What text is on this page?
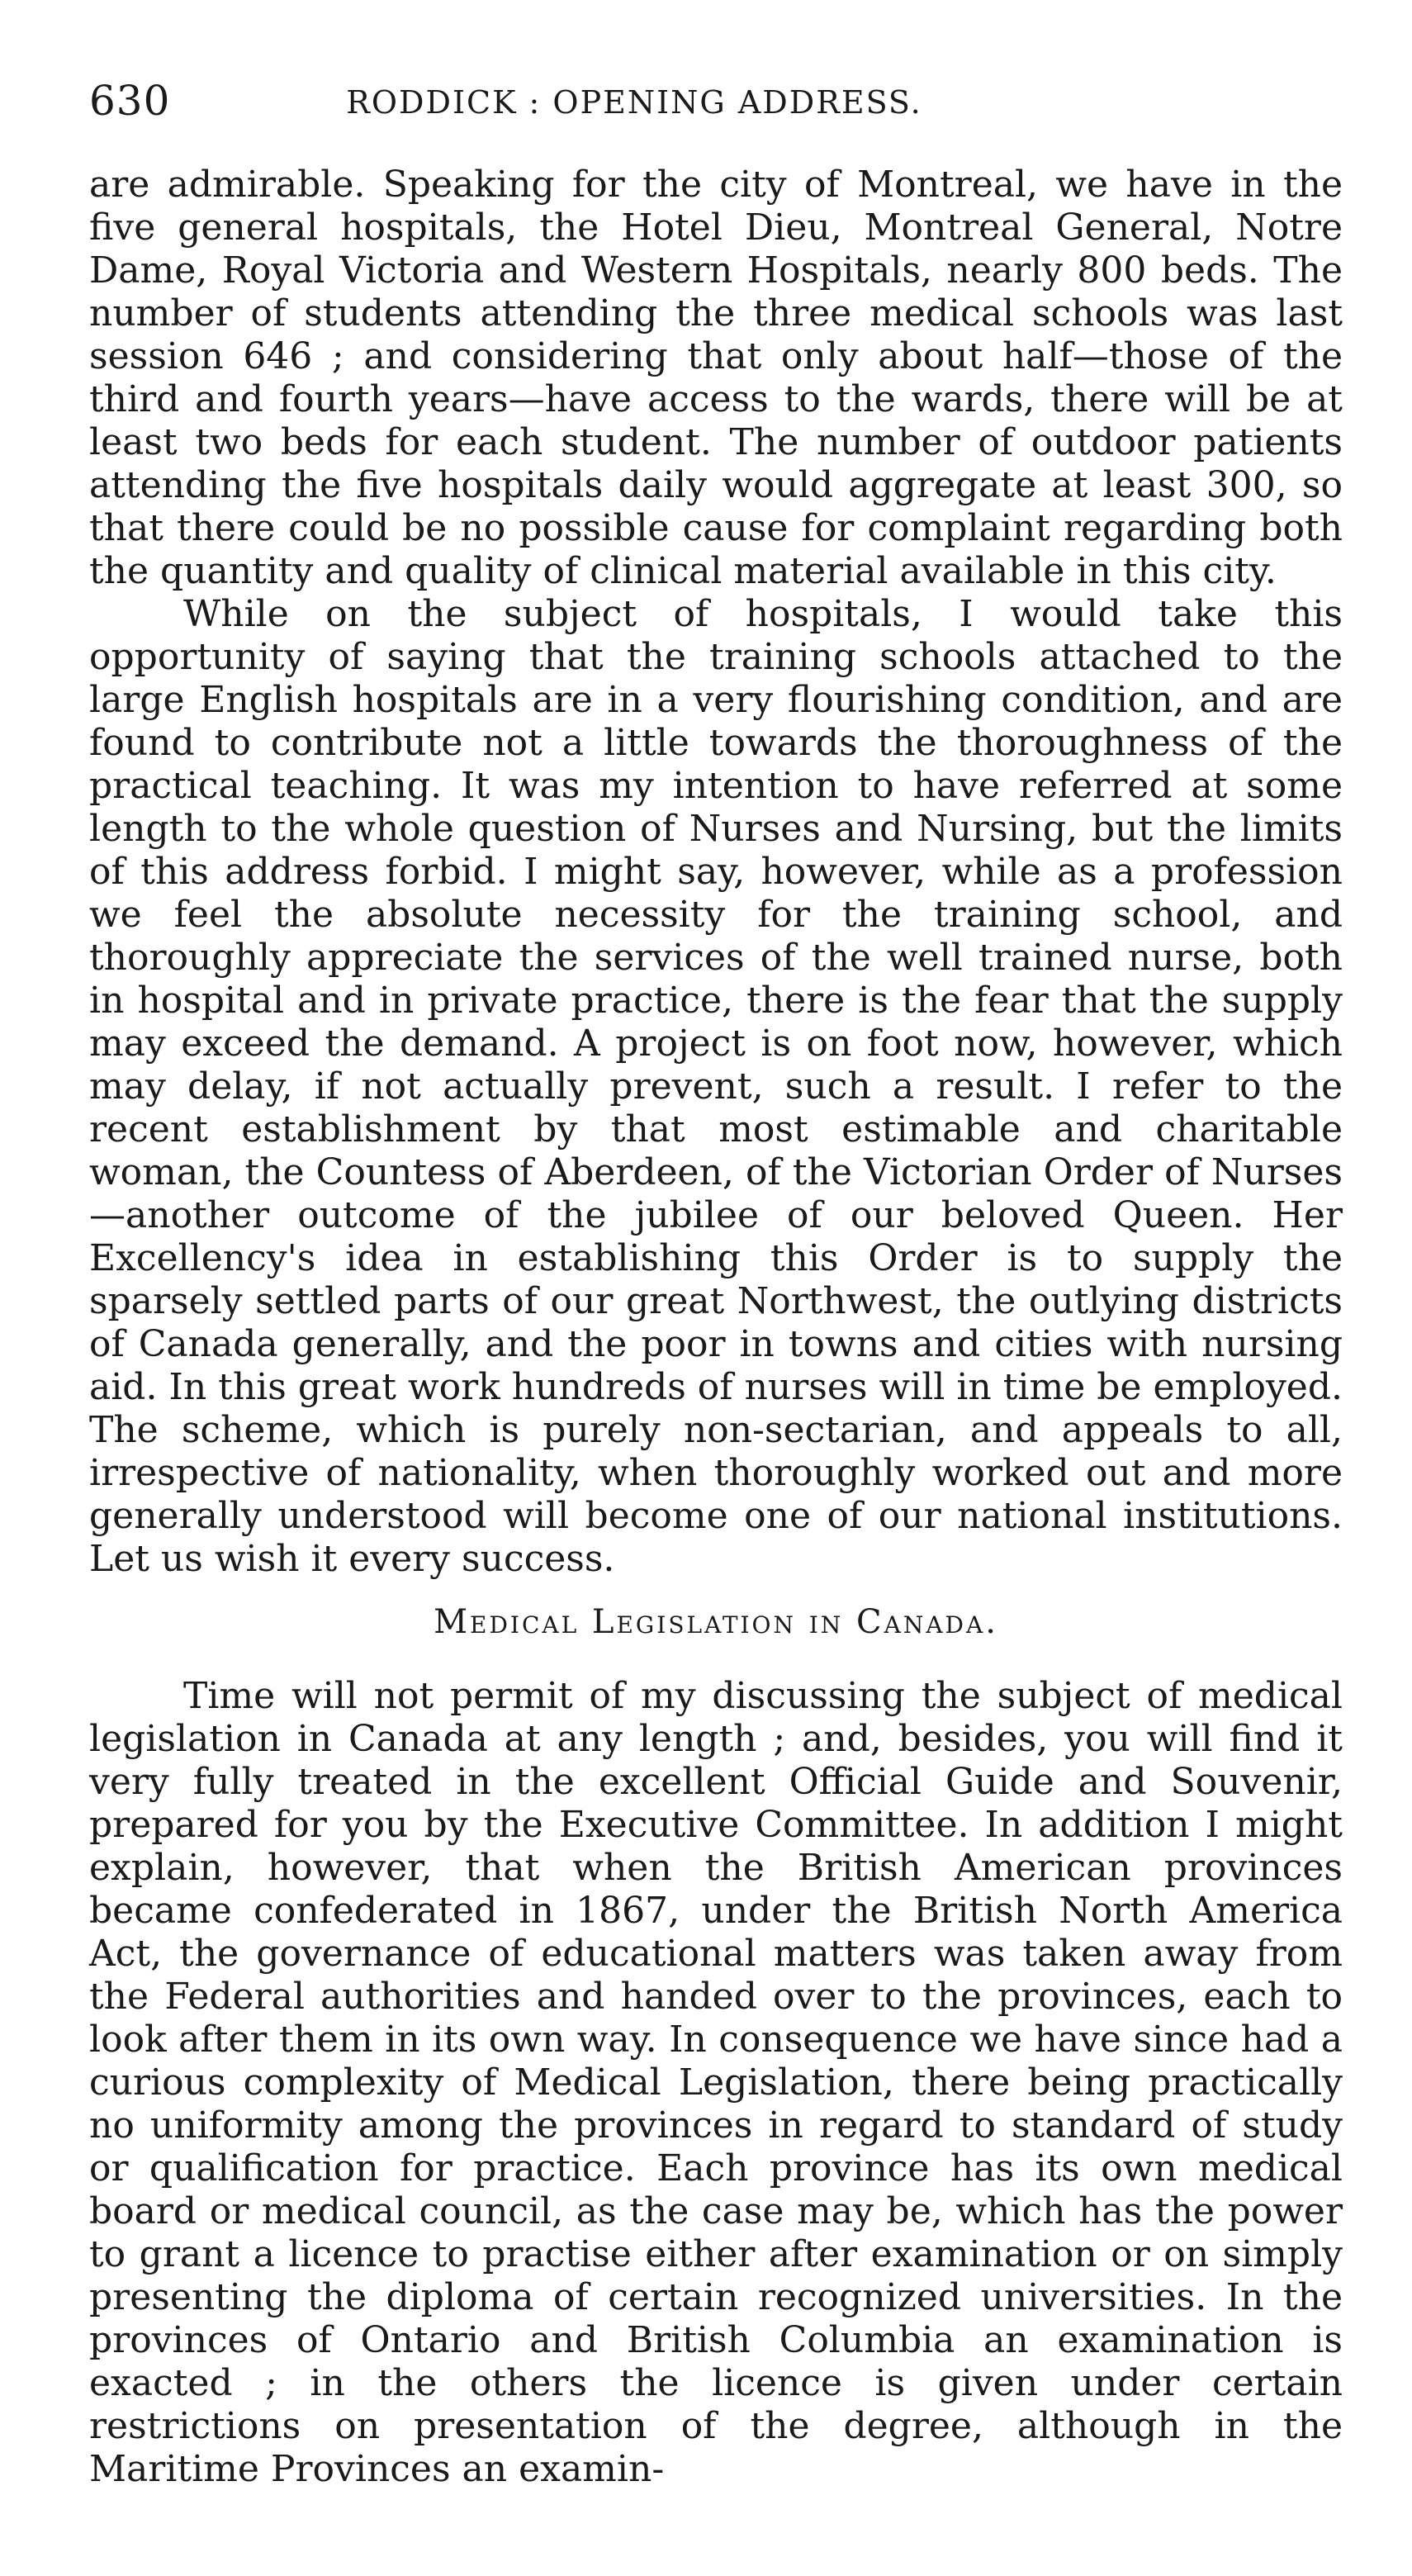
630	RODDICK : OPENING ADDRESS.

are admirable. Speaking for the city of Montreal, we have in the five general hospitals, the Hotel Dieu, Montreal General, Notre Dame, Royal Victoria and Western Hospitals, nearly 800 beds. The number of students attending the three medical schools was last session 646 ; and considering that only about half—those of the third and fourth years—have access to the wards, there will be at least two beds for each student. The number of outdoor patients attending the five hospitals daily would aggregate at least 300, so that there could be no possible cause for complaint regarding both the quantity and quality of clinical material available in this city.

While on the subject of hospitals, I would take this opportunity of saying that the training schools attached to the large English hospitals are in a very flourishing condition, and are found to contribute not a little towards the thoroughness of the practical teaching. It was my intention to have referred at some length to the whole question of Nurses and Nursing, but the limits of this address forbid. I might say, however, while as a profession we feel the absolute necessity for the training school, and thoroughly appreciate the services of the well trained nurse, both in hospital and in private practice, there is the fear that the supply may exceed the demand. A project is on foot now, however, which may delay, if not actually prevent, such a result. I refer to the recent establishment by that most estimable and charitable woman, the Countess of Aberdeen, of the Victorian Order of Nurses—another outcome of the jubilee of our beloved Queen. Her Excellency's idea in establishing this Order is to supply the sparsely settled parts of our great Northwest, the outlying districts of Canada generally, and the poor in towns and cities with nursing aid. In this great work hundreds of nurses will in time be employed. The scheme, which is purely non-sectarian, and appeals to all, irrespective of nationality, when thoroughly worked out and more generally understood will become one of our national institutions. Let us wish it every success.

Medical Legislation in Canada.

Time will not permit of my discussing the subject of medical legislation in Canada at any length ; and, besides, you will find it very fully treated in the excellent Official Guide and Souvenir, prepared for you by the Executive Committee. In addition I might explain, however, that when the British American provinces became confederated in 1867, under the British North America Act, the governance of educational matters was taken away from the Federal authorities and handed over to the provinces, each to look after them in its own way. In consequence we have since had a curious complexity of Medical Legislation, there being practically no uniformity among the provinces in regard to standard of study or qualification for practice. Each province has its own medical board or medical council, as the case may be, which has the power to grant a licence to practise either after examination or on simply presenting the diploma of certain recognized universities. In the provinces of Ontario and British Columbia an examination is exacted ; in the others the licence is given under certain restrictions on presentation of the degree, although in the Maritime Provinces an examin-
